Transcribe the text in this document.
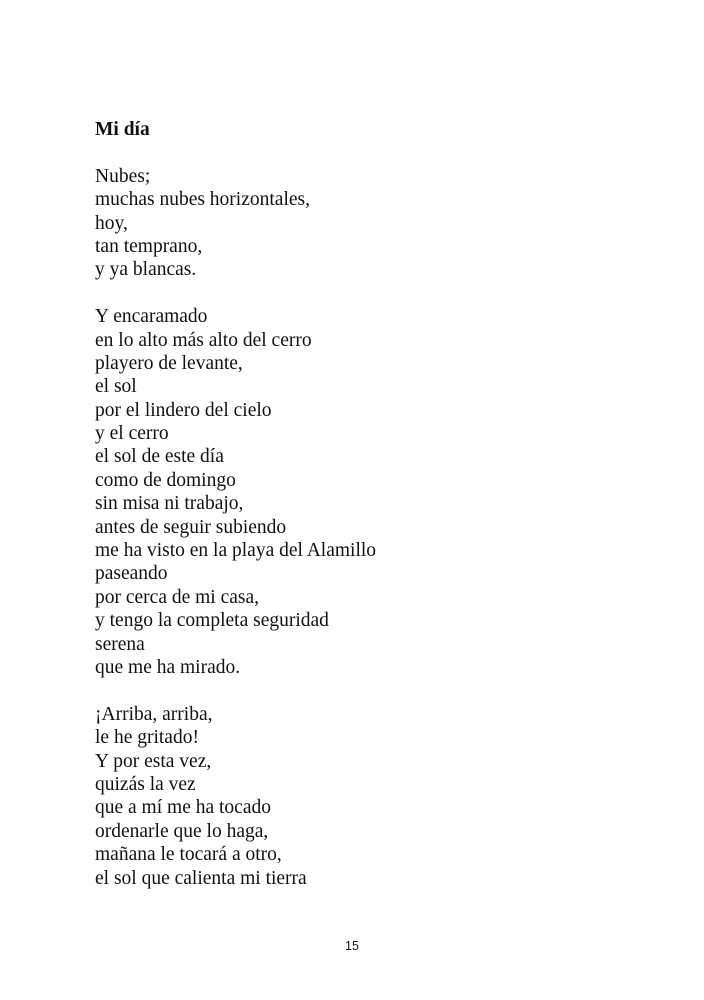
Mi día
Nubes;
muchas nubes horizontales,
hoy,
tan temprano,
y ya blancas.
Y encaramado
en lo alto más alto del cerro
playero de levante,
el sol
por el lindero del cielo
y el cerro
el sol de este día
como de domingo
sin misa ni trabajo,
antes de seguir subiendo
me ha visto en la playa del Alamillo
paseando
por cerca de mi casa,
y tengo la completa seguridad
serena
que me ha mirado.
¡Arriba, arriba,
le he gritado!
Y por esta vez,
quizás la vez
que a mí me ha tocado
ordenarle que lo haga,
mañana le tocará a otro,
el sol que calienta mi tierra
15
